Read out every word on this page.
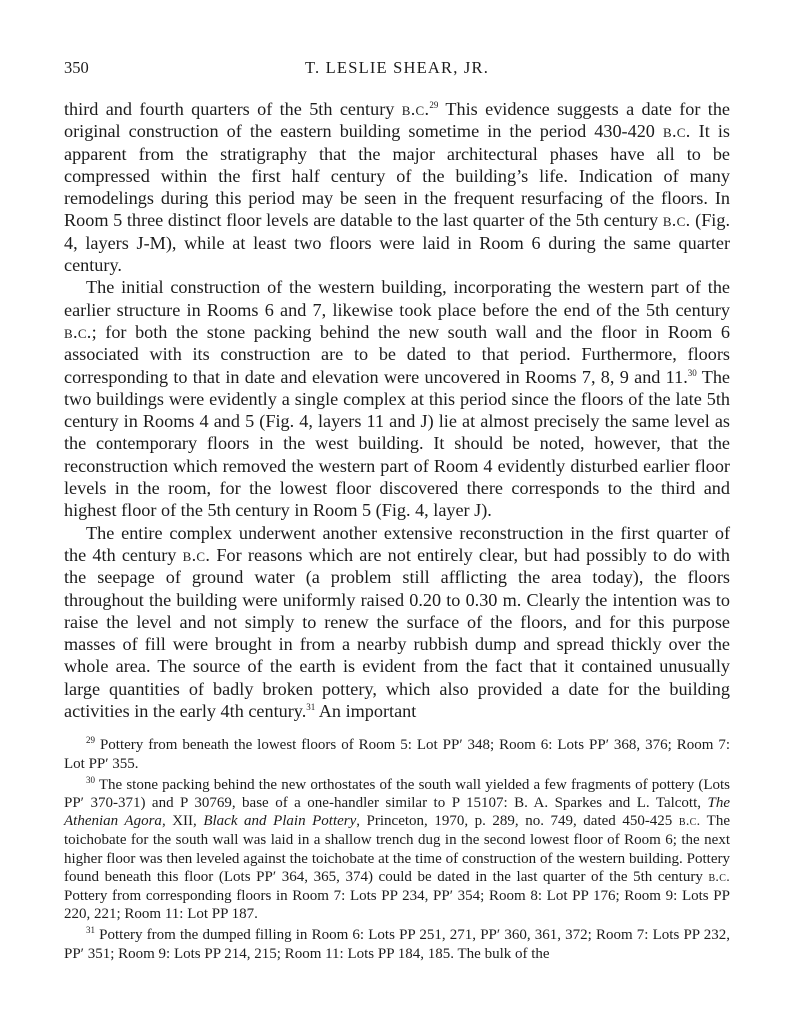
350	T. LESLIE SHEAR, JR.

third and fourth quarters of the 5th century b.c.$^{29}$ This evidence suggests a date for the original construction of the eastern building sometime in the period 430-420 b.c. It is apparent from the stratigraphy that the major architectural phases have all to be compressed within the first half century of the building’s life. Indication of many remodelings during this period may be seen in the frequent resurfacing of the floors. In Room 5 three distinct floor levels are datable to the last quarter of the 5th century b.c. (Fig. 4, layers J-M), while at least two floors were laid in Room 6 during the same quarter century.

The initial construction of the western building, incorporating the western part of the earlier structure in Rooms 6 and 7, likewise took place before the end of the 5th century b.c.; for both the stone packing behind the new south wall and the floor in Room 6 associated with its construction are to be dated to that period. Furthermore, floors corresponding to that in date and elevation were uncovered in Rooms 7, 8, 9 and 11.30 The two buildings were evidently a single complex at this period since the floors of the late 5th century in Rooms 4 and 5 (Fig. 4, layers 11 and J) lie at almost precisely the same level as the contemporary floors in the west building. It should be noted, however, that the reconstruction which removed the western part of Room 4 evidently disturbed earlier floor levels in the room, for the lowest floor discovered there corresponds to the third and highest floor of the 5th century in Room 5 (Fig. 4, layer J).

The entire complex underwent another extensive reconstruction in the first quarter of the 4th century b.c. For reasons which are not entirely clear, but had possibly to do with the seepage of ground water (a problem still afflicting the area today), the floors throughout the building were uniformly raised 0.20 to 0.30 m. Clearly the intention was to raise the level and not simply to renew the surface of the floors, and for this purpose masses of fill were brought in from a nearby rubbish dump and spread thickly over the whole area. The source of the earth is evident from the fact that it contained unusually large quantities of badly broken pottery, which also provided a date for the building activities in the early 4th century.$^{31}$ An important

$^{29}$ Pottery from beneath the lowest floors of Room 5: Lot PP′ 348; Room 6: Lots PP′ 368, 376; Room 7: Lot PP′ 355.

$^{30}$ The stone packing behind the new orthostates of the south wall yielded a few fragments of pottery (Lots PP′ 370-371) and P 30769, base of a one-handler similar to P 15107: B. A. Sparkes and L. Talcott, The Athenian Agora, XII, Black and Plain Pottery, Princeton, 1970, p. 289, no. 749, dated 450-425 b.c. The toichobate for the south wall was laid in a shallow trench dug in the second lowest floor of Room 6; the next higher floor was then leveled against the toichobate at the time of construction of the western building. Pottery found beneath this floor (Lots PP′ 364, 365, 374) could be dated in the last quarter of the 5th century b.c. Pottery from corresponding floors in Room 7: Lots PP 234, PP′ 354; Room 8: Lot PP 176; Room 9: Lots PP 220, 221; Room 11: Lot PP 187.

$^{31}$ Pottery from the dumped filling in Room 6: Lots PP 251, 271, PP′ 360, 361, 372; Room 7: Lots PP 232, PP′ 351; Room 9: Lots PP 214, 215; Room 11: Lots PP 184, 185. The bulk of the
